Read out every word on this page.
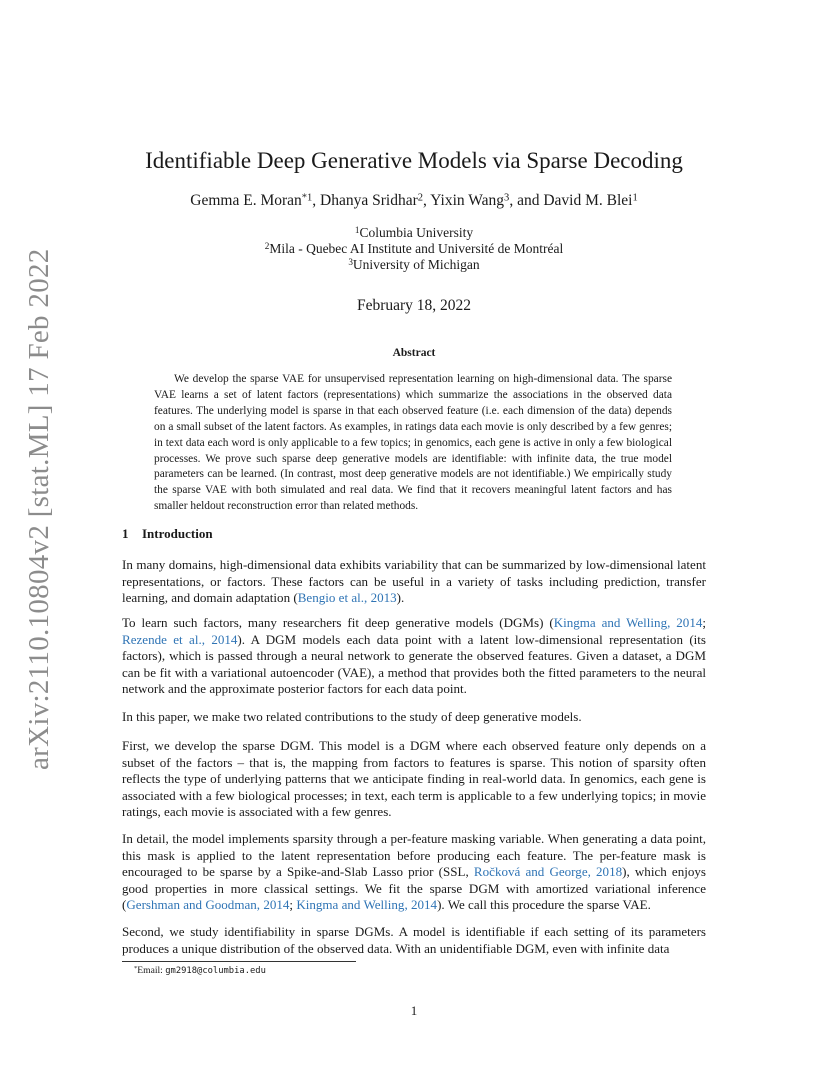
arXiv:2110.10804v2 [stat.ML] 17 Feb 2022
Identifiable Deep Generative Models via Sparse Decoding
Gemma E. Moran$^{*1}$, Dhanya Sridhar$^2$, Yixin Wang$^3$, and David M. Blei$^1$
$^1$Columbia University
$^2$Mila - Quebec AI Institute and Université de Montréal
$^3$University of Michigan
February 18, 2022
Abstract
We develop the sparse VAE for unsupervised representation learning on high-dimensional data. The sparse VAE learns a set of latent factors (representations) which summarize the associations in the observed data features. The underlying model is sparse in that each observed feature (i.e. each dimension of the data) depends on a small subset of the latent factors. As examples, in ratings data each movie is only described by a few genres; in text data each word is only applicable to a few topics; in genomics, each gene is active in only a few biological processes. We prove such sparse deep generative models are identifiable: with infinite data, the true model parameters can be learned. (In contrast, most deep generative models are not identifiable.) We empirically study the sparse VAE with both simulated and real data. We find that it recovers meaningful latent factors and has smaller heldout reconstruction error than related methods.
1 Introduction

In many domains, high-dimensional data exhibits variability that can be summarized by low-dimensional latent representations, or factors. These factors can be useful in a variety of tasks including prediction, transfer learning, and domain adaptation (Bengio et al., 2013).

To learn such factors, many researchers fit deep generative models (DGMs) (Kingma and Welling, 2014; Rezende et al., 2014). A DGM models each data point with a latent low-dimensional representation (its factors), which is passed through a neural network to generate the observed features. Given a dataset, a DGM can be fit with a variational autoencoder (VAE), a method that provides both the fitted parameters to the neural network and the approximate posterior factors for each data point.

In this paper, we make two related contributions to the study of deep generative models.

First, we develop the sparse DGM. This model is a DGM where each observed feature only depends on a subset of the factors – that is, the mapping from factors to features is sparse. This notion of sparsity often reflects the type of underlying patterns that we anticipate finding in real-world data. In genomics, each gene is associated with a few biological processes; in text, each term is applicable to a few underlying topics; in movie ratings, each movie is associated with a few genres.

In detail, the model implements sparsity through a per-feature masking variable. When generating a data point, this mask is applied to the latent representation before producing each feature. The per-feature mask is encouraged to be sparse by a Spike-and-Slab Lasso prior (SSL, Ročková and George, 2018), which enjoys good properties in more classical settings. We fit the sparse DGM with amortized variational inference (Gershman and Goodman, 2014; Kingma and Welling, 2014). We call this procedure the sparse VAE.

Second, we study identifiability in sparse DGMs. A model is identifiable if each setting of its parameters produces a unique distribution of the observed data. With an unidentifiable DGM, even with infinite data

*Email: gm2918@columbia.edu
1
